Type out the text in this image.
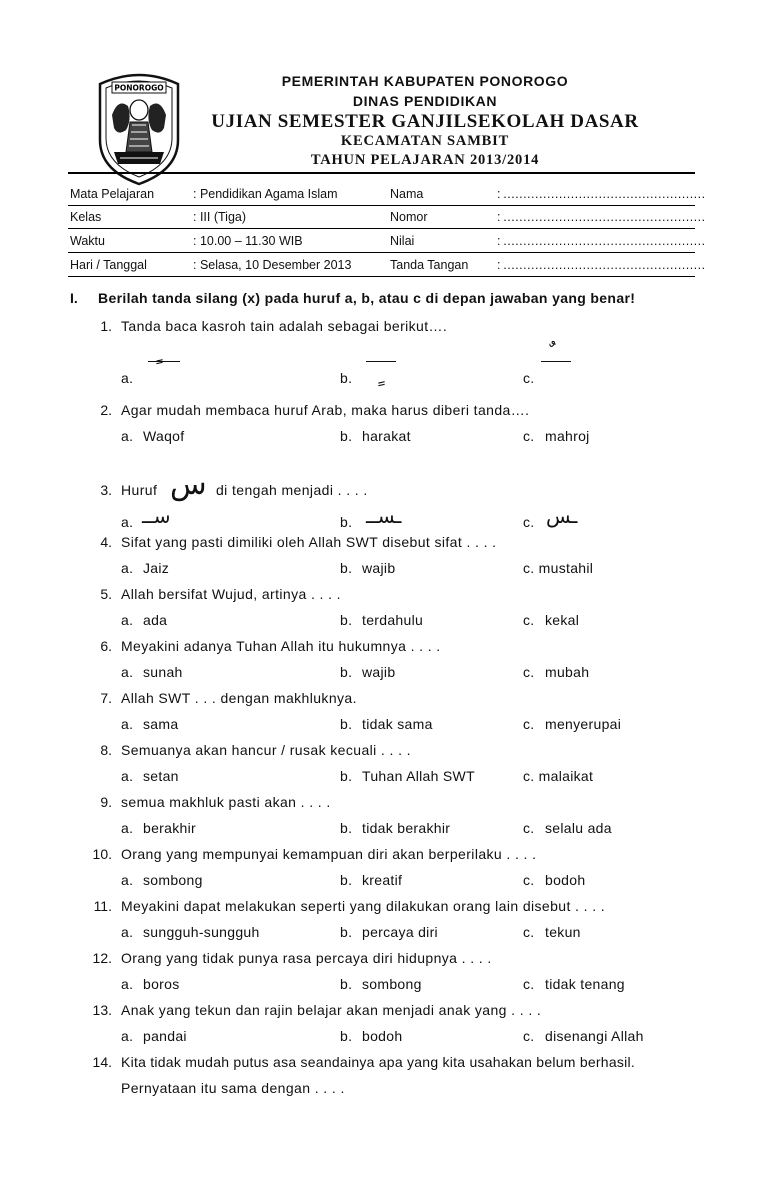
PONOROGO	PEMERINTAH KABUPATEN PONOROGO
DINAS PENDIDIKAN
UJIAN SEMESTER GANJILSEKOLAH DASAR
KECAMATAN SAMBIT
TAHUN PELAJARAN 2013/2014
Mata Pelajaran	: Pendidikan Agama Islam	Nama	: ……………………………………………
Kelas	: III (Tiga)	Nomor	: ……………………………………………
Waktu	: 10.00 – 11.30 WIB	Nilai	: ……………………………………………
Hari / Tanggal	: Selasa, 10 Desember 2013	Tanda Tangan : ……………………………………………
I. Berilah tanda silang (x) pada huruf a, b, atau c di depan jawaban yang benar!
1. Tanda baca kasroh tain adalah sebagai berikut….
a.	b.	c.
2. Agar mudah membaca huruf Arab, maka harus diberi tanda….
a. Waqof	b. harakat	c. mahroj
3. Huruf س di tengah menjadi . . . .
a. ســ	b. ـســ	c. ـس
4. Sifat yang pasti dimiliki oleh Allah SWT disebut sifat . . . .
a. Jaiz	b. wajib	c. mustahil
5. Allah bersifat Wujud, artinya . . . .
a. ada	b. terdahulu	c. kekal
6. Meyakini adanya Tuhan Allah itu hukumnya . . . .
a. sunah	b. wajib	c. mubah
7. Allah SWT . . . dengan makhluknya.
a. sama	b. tidak sama	c. menyerupai
8. Semuanya akan hancur / rusak kecuali . . . .
a. setan	b. Tuhan Allah SWT	c. malaikat
9. semua makhluk pasti akan . . . .
a. berakhir	b. tidak berakhir	c. selalu ada
10. Orang yang mempunyai kemampuan diri akan berperilaku . . . .
a. sombong	b. kreatif	c. bodoh
11. Meyakini dapat melakukan seperti yang dilakukan orang lain disebut . . . .
a. sungguh-sungguh	b. percaya diri	c. tekun
12. Orang yang tidak punya rasa percaya diri hidupnya . . . .
a. boros	b. sombong	c. tidak tenang
13. Anak yang tekun dan rajin belajar akan menjadi anak yang . . . .
a. pandai	b. bodoh	c. disenangi Allah
14. Kita tidak mudah putus asa seandainya apa yang kita usahakan belum berhasil.
Pernyataan itu sama dengan . . . .
